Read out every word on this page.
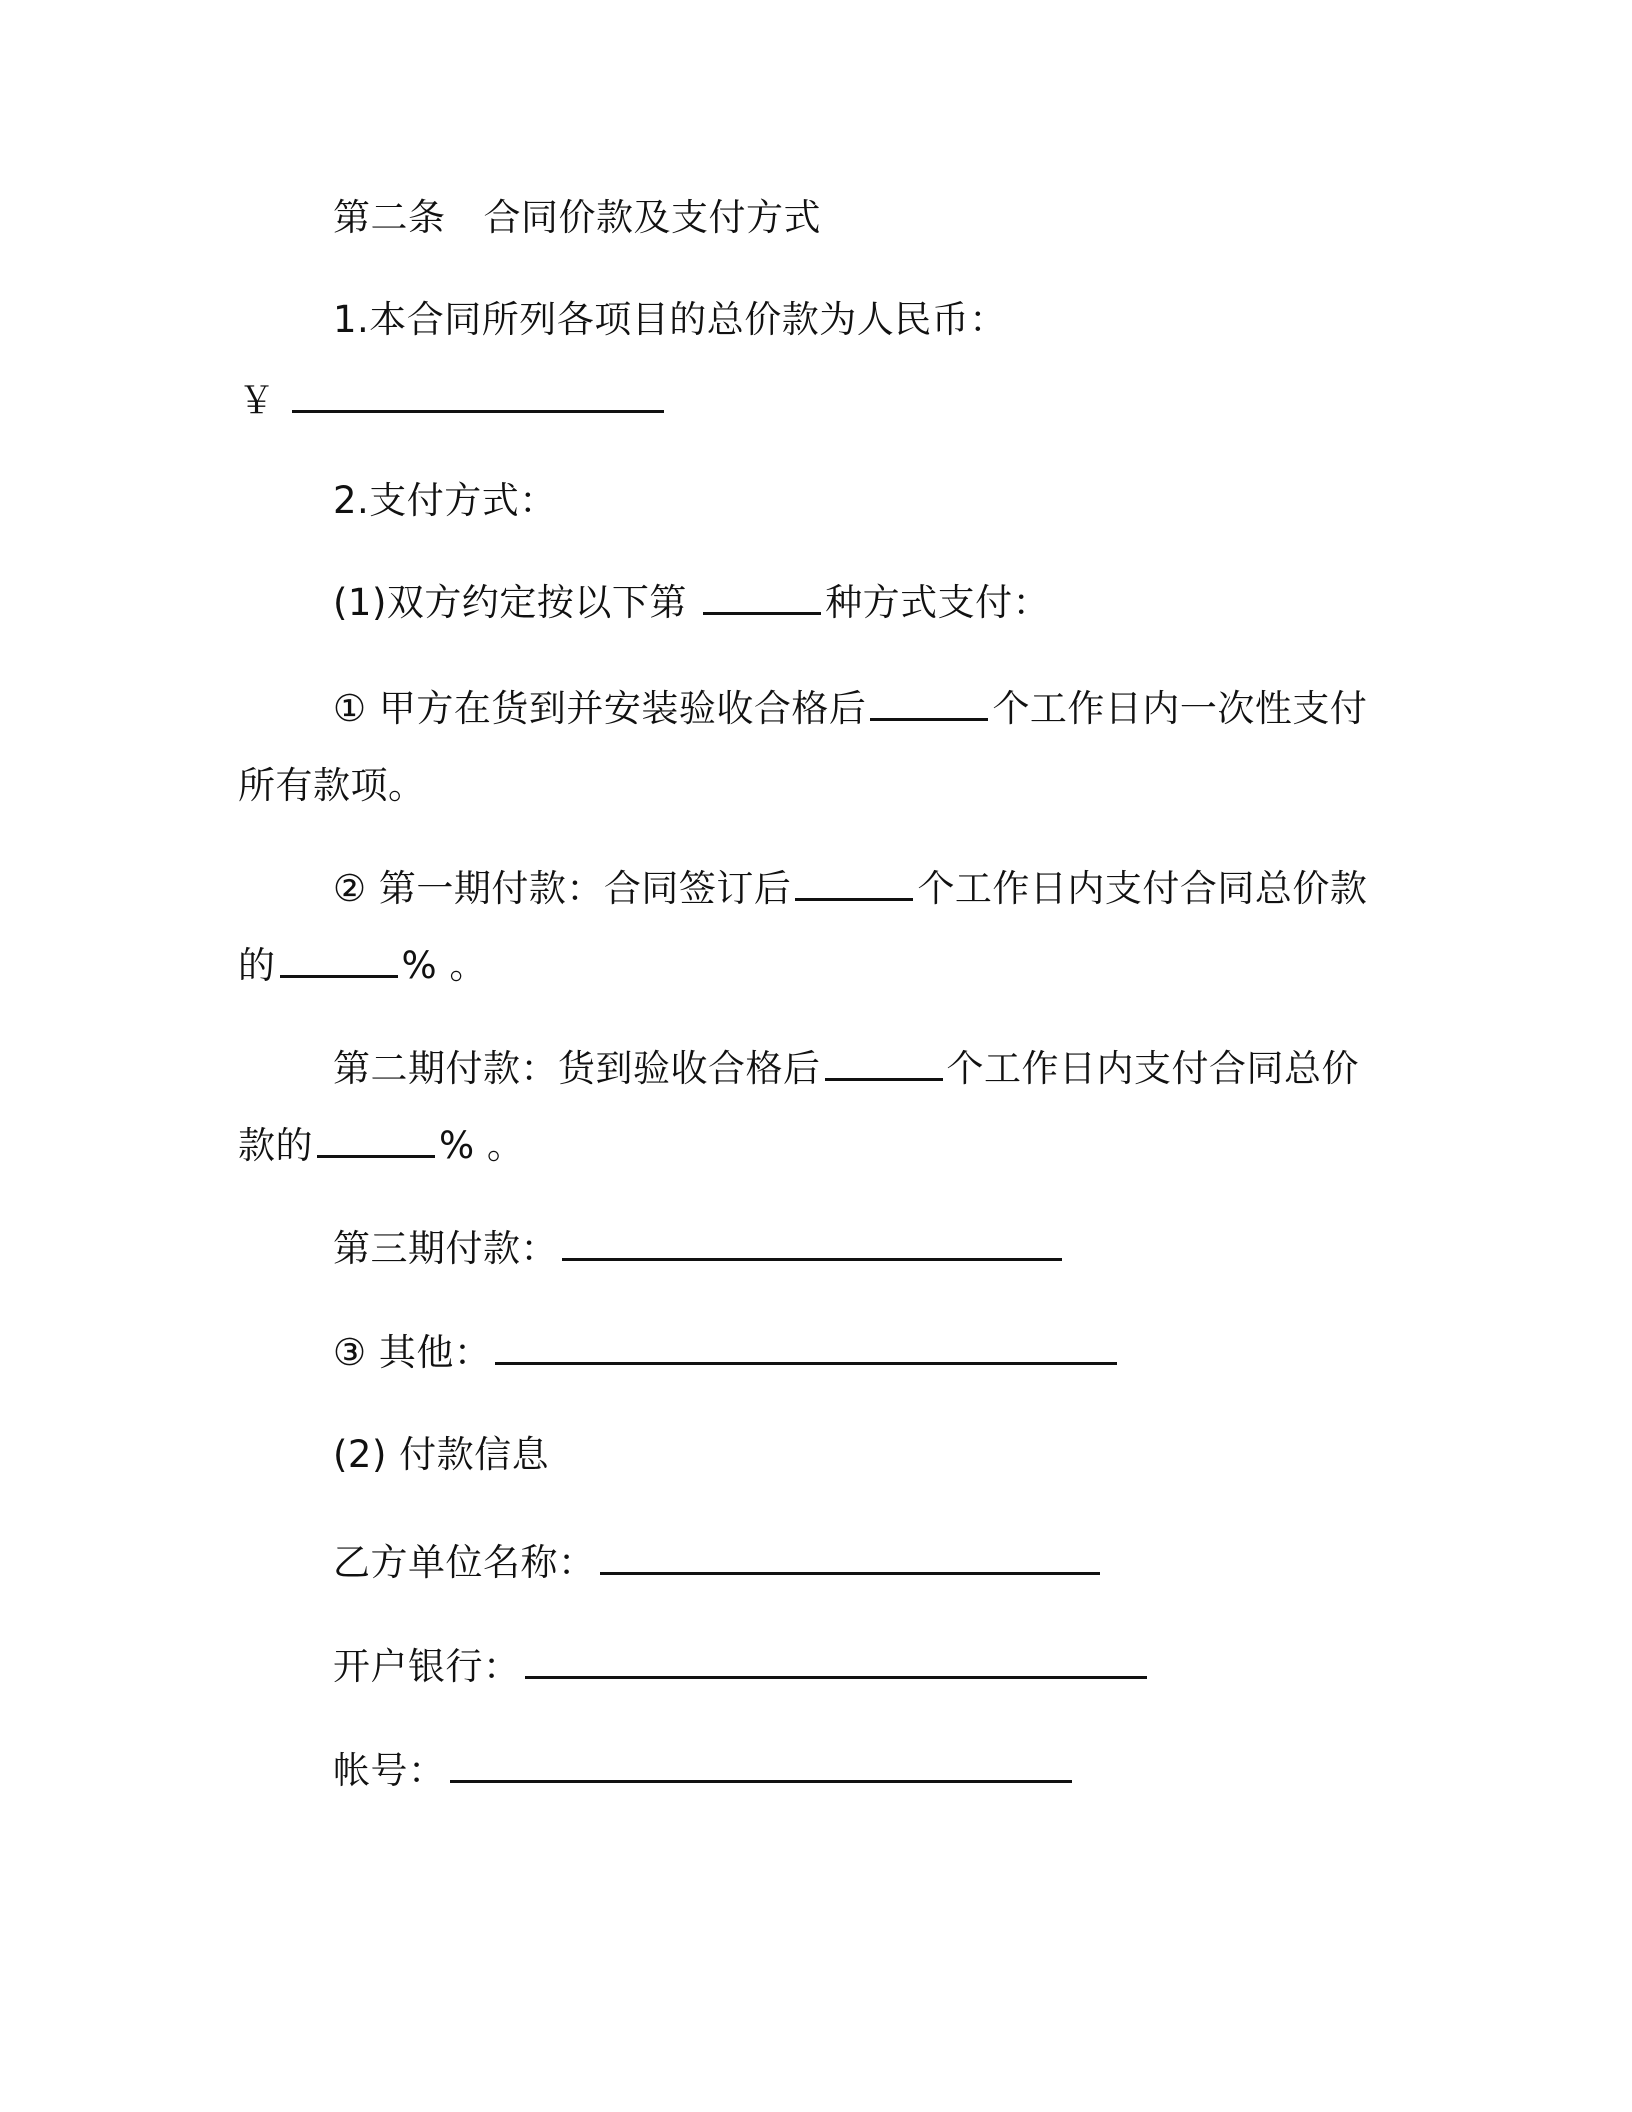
第二条 合同价款及支付方式
1.本合同所列各项目的总价款为人民币：
￥
2.支付方式：
(1)双方约定按以下第	种方式支付：
① 甲方在货到并安装验收合格后	个工作日内一次性支付
所有款项。
② 第一期付款：合同签订后	个工作日内支付合同总价款
的	% 。
第二期付款：货到验收合格后	个工作日内支付合同总价
款的	% 。
第三期付款：
③ 其他：
(2) 付款信息
乙方单位名称：
开户银行：
帐号：
